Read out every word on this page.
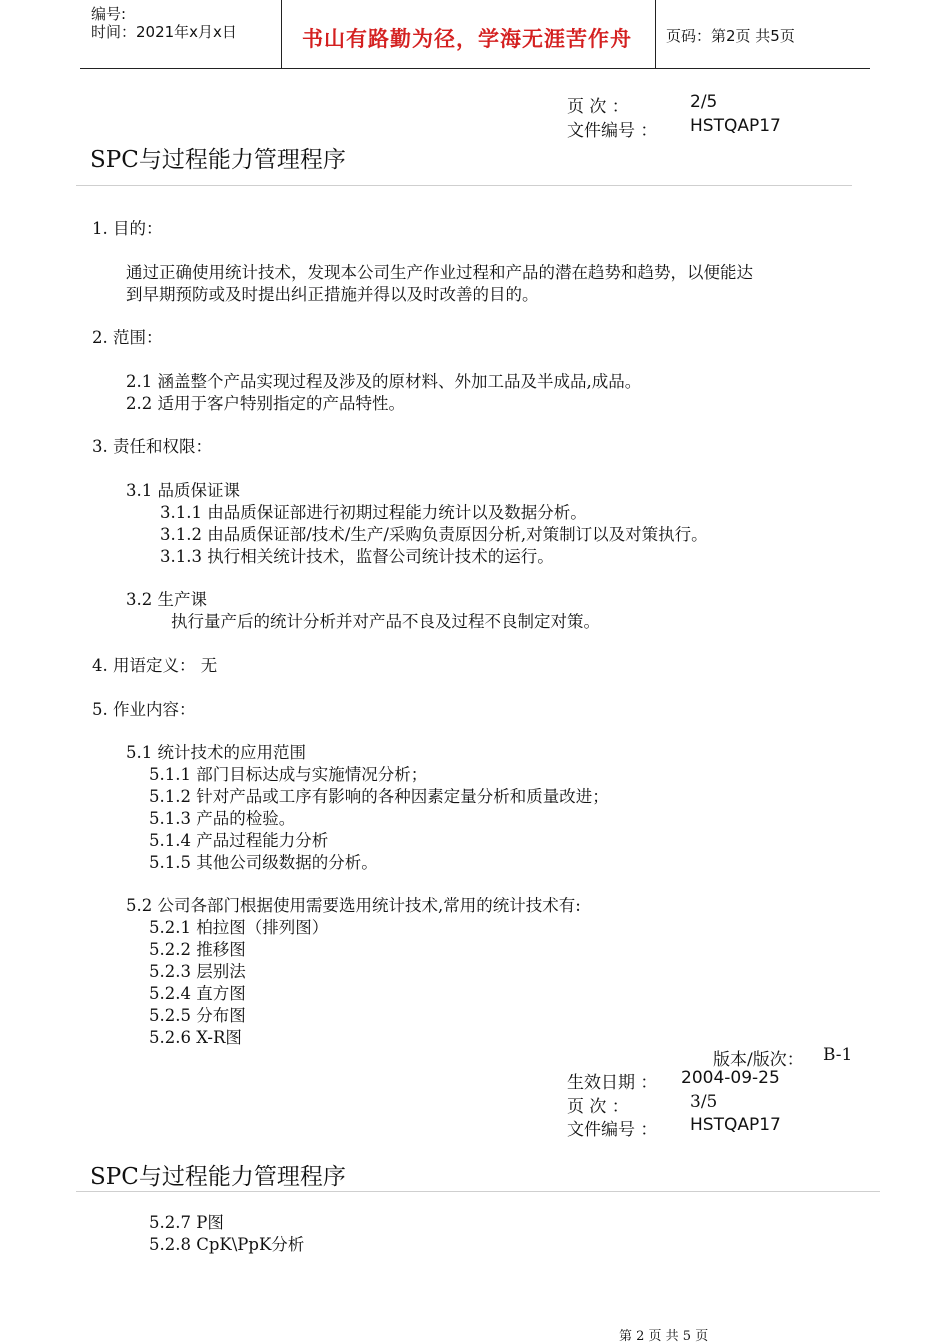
编号:
时间：2021年x月x日	书山有路勤为径，学海无涯苦作舟 页码：第2页 共5页
页 次 ：	2/5
文件编号 ： HSTQAP17
SPC与过程能力管理程序
1. 目的：
通过正确使用统计技术，发现本公司生产作业过程和产品的潜在趋势和趋势，以便能达
到早期预防或及时提出纠正措施并得以及时改善的目的。
2. 范围：
2.1 涵盖整个产品实现过程及涉及的原材料、外加工品及半成品,成品。
2.2 适用于客户特别指定的产品特性。
3. 责任和权限：
3.1 品质保证课
3.1.1 由品质保证部进行初期过程能力统计以及数据分析。
3.1.2 由品质保证部/技术/生产/采购负责原因分析,对策制订以及对策执行。
3.1.3 执行相关统计技术，监督公司统计技术的运行。
3.2 生产课
执行量产后的统计分析并对产品不良及过程不良制定对策。
4. 用语定义： 无
5. 作业内容：
5.1 统计技术的应用范围
5.1.1 部门目标达成与实施情况分析；
5.1.2 针对产品或工序有影响的各种因素定量分析和质量改进；
5.1.3 产品的检验。
5.1.4 产品过程能力分析
5.1.5 其他公司级数据的分析。
5.2 公司各部门根据使用需要选用统计技术,常用的统计技术有:
5.2.1 柏拉图（排列图）
5.2.2 推移图
5.2.3 层别法
5.2.4 直方图
5.2.5 分布图
5.2.6 X-R图
版本/版次： B-1
生效日期 ： 2004-09-25
页 次 ：	3/5
文件编号 ： HSTQAP17
SPC与过程能力管理程序
5.2.7 P图
5.2.8 CpK\PpK分析
第 2 页 共 5 页
